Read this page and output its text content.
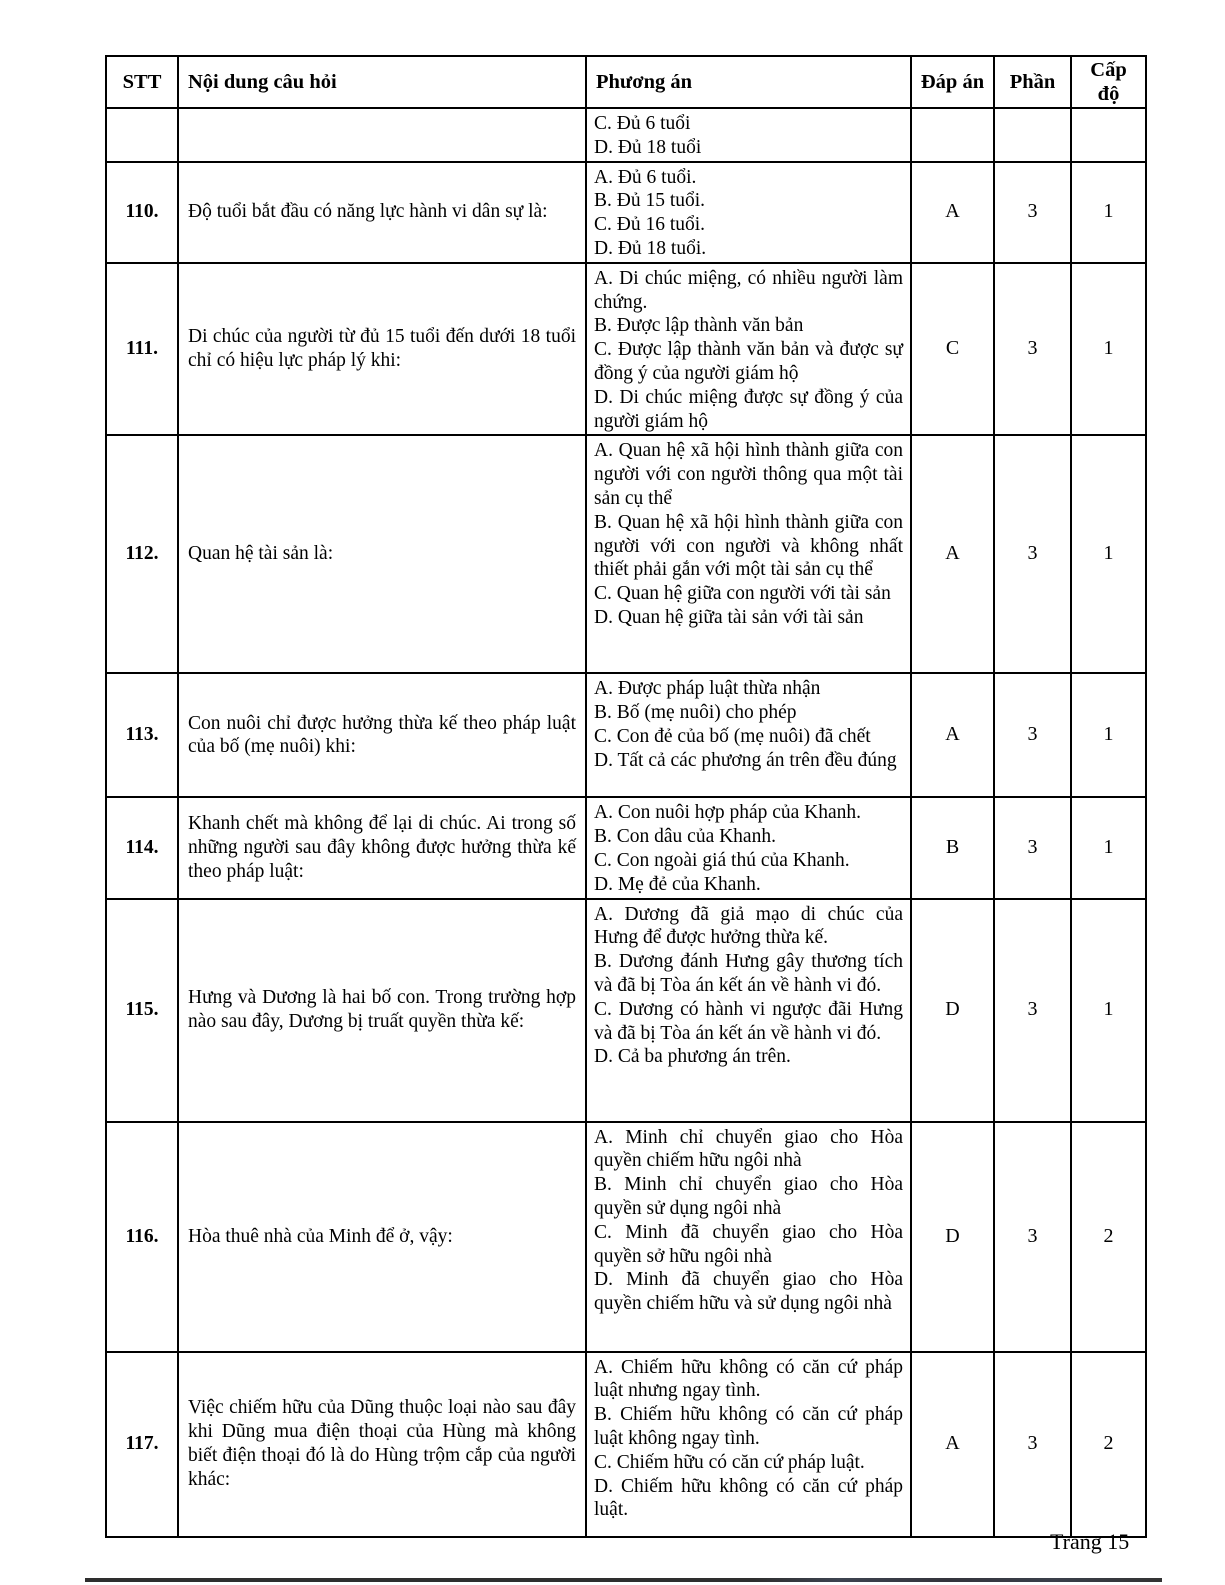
STT	Nội dung câu hỏi	Phương án	Đáp án	Phần	Cấp độ

		C. Đủ 6 tuổi
D. Đủ 18 tuổi			

110.	Độ tuổi bắt đầu có năng lực hành vi dân sự là:	A. Đủ 6 tuổi.
B. Đủ 15 tuổi.
C. Đủ 16 tuổi.
D. Đủ 18 tuổi.	A	3	1
111.	Di chúc của người từ đủ 15 tuổi đến dưới 18 tuổi chỉ có hiệu lực pháp lý khi:	A. Di chúc miệng, có nhiều người làm chứng.
B. Được lập thành văn bản
C. Được lập thành văn bản và được sự đồng ý của người giám hộ
D. Di chúc miệng được sự đồng ý của người giám hộ	C	3	1
112.	Quan hệ tài sản là:	A. Quan hệ xã hội hình thành giữa con người với con người thông qua một tài sản cụ thể
B. Quan hệ xã hội hình thành giữa con người với con người và không nhất thiết phải gắn với một tài sản cụ thể
C. Quan hệ giữa con người với tài sản
D. Quan hệ giữa tài sản với tài sản	A	3	1
113.	Con nuôi chỉ được hưởng thừa kế theo pháp luật của bố (mẹ nuôi) khi:	A. Được pháp luật thừa nhận
B. Bố (mẹ nuôi) cho phép
C. Con đẻ của bố (mẹ nuôi) đã chết
D. Tất cả các phương án trên đều đúng	A	3	1
114.	Khanh chết mà không để lại di chúc. Ai trong số những người sau đây không được hưởng thừa kế theo pháp luật:	A. Con nuôi hợp pháp của Khanh.
B. Con dâu của Khanh.
C. Con ngoài giá thú của Khanh.
D. Mẹ đẻ của Khanh.	B	3	1
115.	Hưng và Dương là hai bố con. Trong trường hợp nào sau đây, Dương bị truất quyền thừa kế:	A. Dương đã giả mạo di chúc của Hưng để được hưởng thừa kế.
B. Dương đánh Hưng gây thương tích và đã bị Tòa án kết án về hành vi đó.
C. Dương có hành vi ngược đãi Hưng và đã bị Tòa án kết án về hành vi đó.
D. Cả ba phương án trên.	D	3	1
116.	Hòa thuê nhà của Minh để ở, vậy:	A. Minh chỉ chuyển giao cho Hòa quyền chiếm hữu ngôi nhà
B. Minh chỉ chuyển giao cho Hòa quyền sử dụng ngôi nhà
C. Minh đã chuyển giao cho Hòa quyền sở hữu ngôi nhà
D. Minh đã chuyển giao cho Hòa quyền chiếm hữu và sử dụng ngôi nhà	D	3	2
117.	Việc chiếm hữu của Dũng thuộc loại nào sau đây khi Dũng mua điện thoại của Hùng mà không biết điện thoại đó là do Hùng trộm cắp của người khác:	A. Chiếm hữu không có căn cứ pháp luật nhưng ngay tình.
B. Chiếm hữu không có căn cứ pháp luật không ngay tình.
C. Chiếm hữu có căn cứ pháp luật.
D. Chiếm hữu không có căn cứ pháp luật.	A	3	2
Trang 15
